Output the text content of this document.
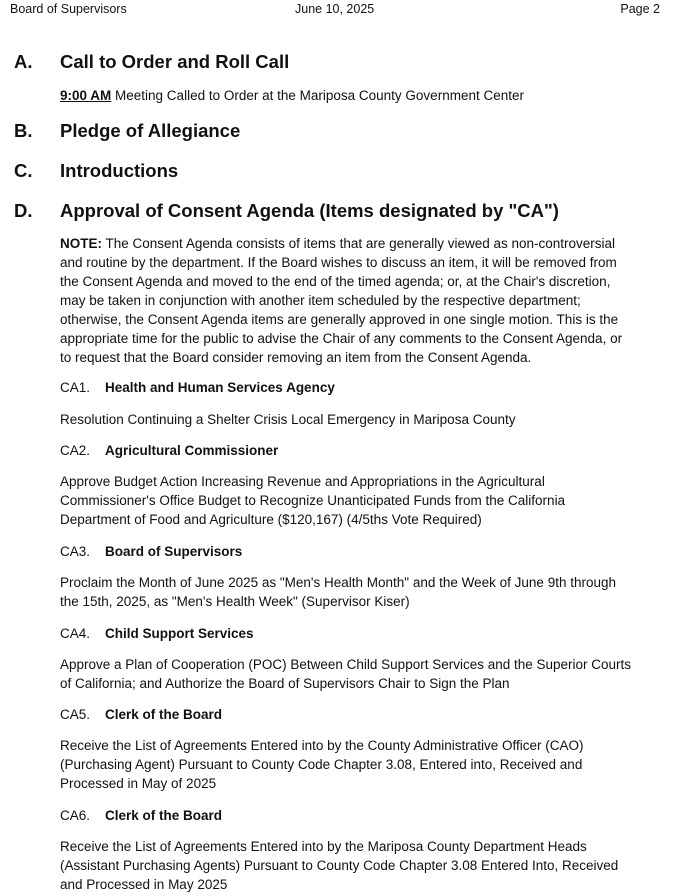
Board of Supervisors	June 10, 2025	Page 2
A. Call to Order and Roll Call
9:00 AM Meeting Called to Order at the Mariposa County Government Center
B. Pledge of Allegiance
C. Introductions
D. Approval of Consent Agenda (Items designated by "CA")
NOTE: The Consent Agenda consists of items that are generally viewed as non-controversial
and routine by the department. If the Board wishes to discuss an item, it will be removed from
the Consent Agenda and moved to the end of the timed agenda; or, at the Chair's discretion,
may be taken in conjunction with another item scheduled by the respective department;
otherwise, the Consent Agenda items are generally approved in one single motion. This is the
appropriate time for the public to advise the Chair of any comments to the Consent Agenda, or
to request that the Board consider removing an item from the Consent Agenda.
CA1. Health and Human Services Agency
Resolution Continuing a Shelter Crisis Local Emergency in Mariposa County
CA2. Agricultural Commissioner
Approve Budget Action Increasing Revenue and Appropriations in the Agricultural
Commissioner's Office Budget to Recognize Unanticipated Funds from the California
Department of Food and Agriculture ($120,167) (4/5ths Vote Required)
CA3. Board of Supervisors
Proclaim the Month of June 2025 as "Men's Health Month" and the Week of June 9th through
the 15th, 2025, as "Men's Health Week" (Supervisor Kiser)
CA4. Child Support Services
Approve a Plan of Cooperation (POC) Between Child Support Services and the Superior Courts
of California; and Authorize the Board of Supervisors Chair to Sign the Plan
CA5. Clerk of the Board
Receive the List of Agreements Entered into by the County Administrative Officer (CAO)
(Purchasing Agent) Pursuant to County Code Chapter 3.08, Entered into, Received and
Processed in May of 2025
CA6. Clerk of the Board
Receive the List of Agreements Entered into by the Mariposa County Department Heads
(Assistant Purchasing Agents) Pursuant to County Code Chapter 3.08 Entered Into, Received
and Processed in May 2025
